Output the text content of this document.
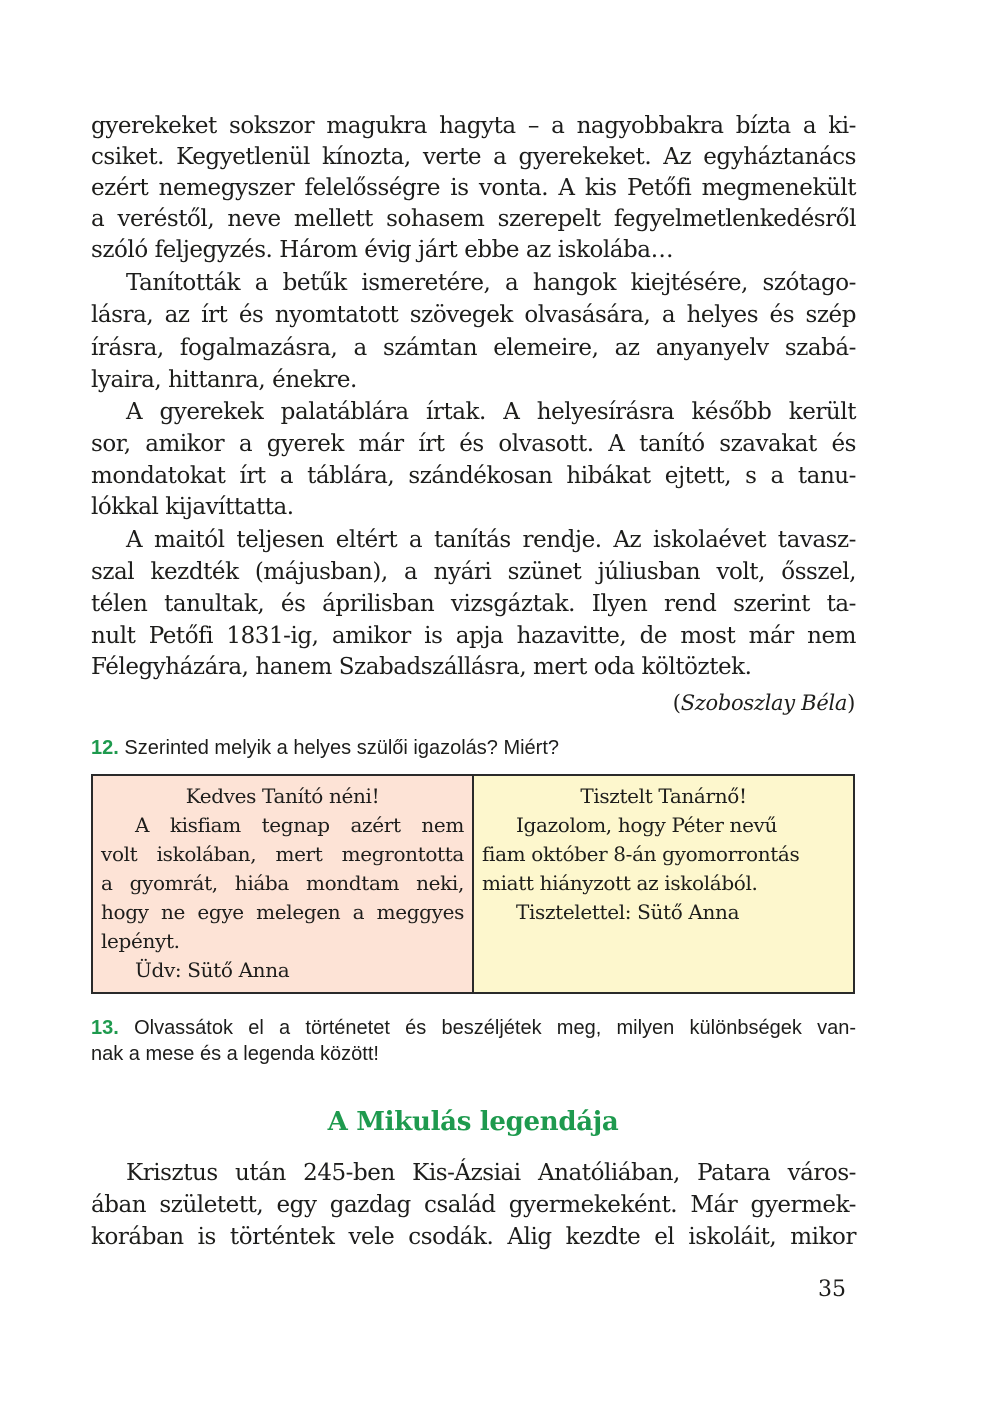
gyerekeket sokszor magukra hagyta – a nagyobbakra bízta a ki-
csiket. Kegyetlenül kínozta, verte a gyerekeket. Az egyháztanács
ezért nemegyszer felelősségre is vonta. A kis Petőfi megmenekült
a veréstől, neve mellett sohasem szerepelt fegyelmetlenkedésről
szóló feljegyzés. Három évig járt ebbe az iskolába…
Tanították a betűk ismeretére, a hangok kiejtésére, szótago-
lásra, az írt és nyomtatott szövegek olvasására, a helyes és szép
írásra, fogalmazásra, a számtan elemeire, az anyanyelv szabá-
lyaira, hittanra, énekre.
A gyerekek palatáblára írtak. A helyesírásra később került
sor, amikor a gyerek már írt és olvasott. A tanító szavakat és
mondatokat írt a táblára, szándékosan hibákat ejtett, s a tanu-
lókkal kijavíttatta.
A maitól teljesen eltért a tanítás rendje. Az iskolaévet tavasz-
szal kezdték (májusban), a nyári szünet júliusban volt, ősszel,
télen tanultak, és áprilisban vizsgáztak. Ilyen rend szerint ta-
nult Petőfi 1831-ig, amikor is apja hazavitte, de most már nem
Félegyházára, hanem Szabadszállásra, mert oda költöztek.
(Szoboszlay Béla)
12. Szerinted melyik a helyes szülői igazolás? Miért?
Kedves Tanító néni!
A kisfiam tegnap azért nem
volt iskolában, mert megrontotta
a gyomrát, hiába mondtam neki,
hogy ne egye melegen a meggyes
lepényt.
Üdv: Sütő Anna
Tisztelt Tanárnő!
Igazolom, hogy Péter nevű
fiam október 8-án gyomorrontás
miatt hiányzott az iskolából.
Tisztelettel: Sütő Anna
13. Olvassátok el a történetet és beszéljétek meg, milyen különbségek van-
nak a mese és a legenda között!
A Mikulás legendája
Krisztus után 245-ben Kis-Ázsiai Anatóliában, Patara város-
ában született, egy gazdag család gyermekeként. Már gyermek-
korában is történtek vele csodák. Alig kezdte el iskoláit, mikor
35
